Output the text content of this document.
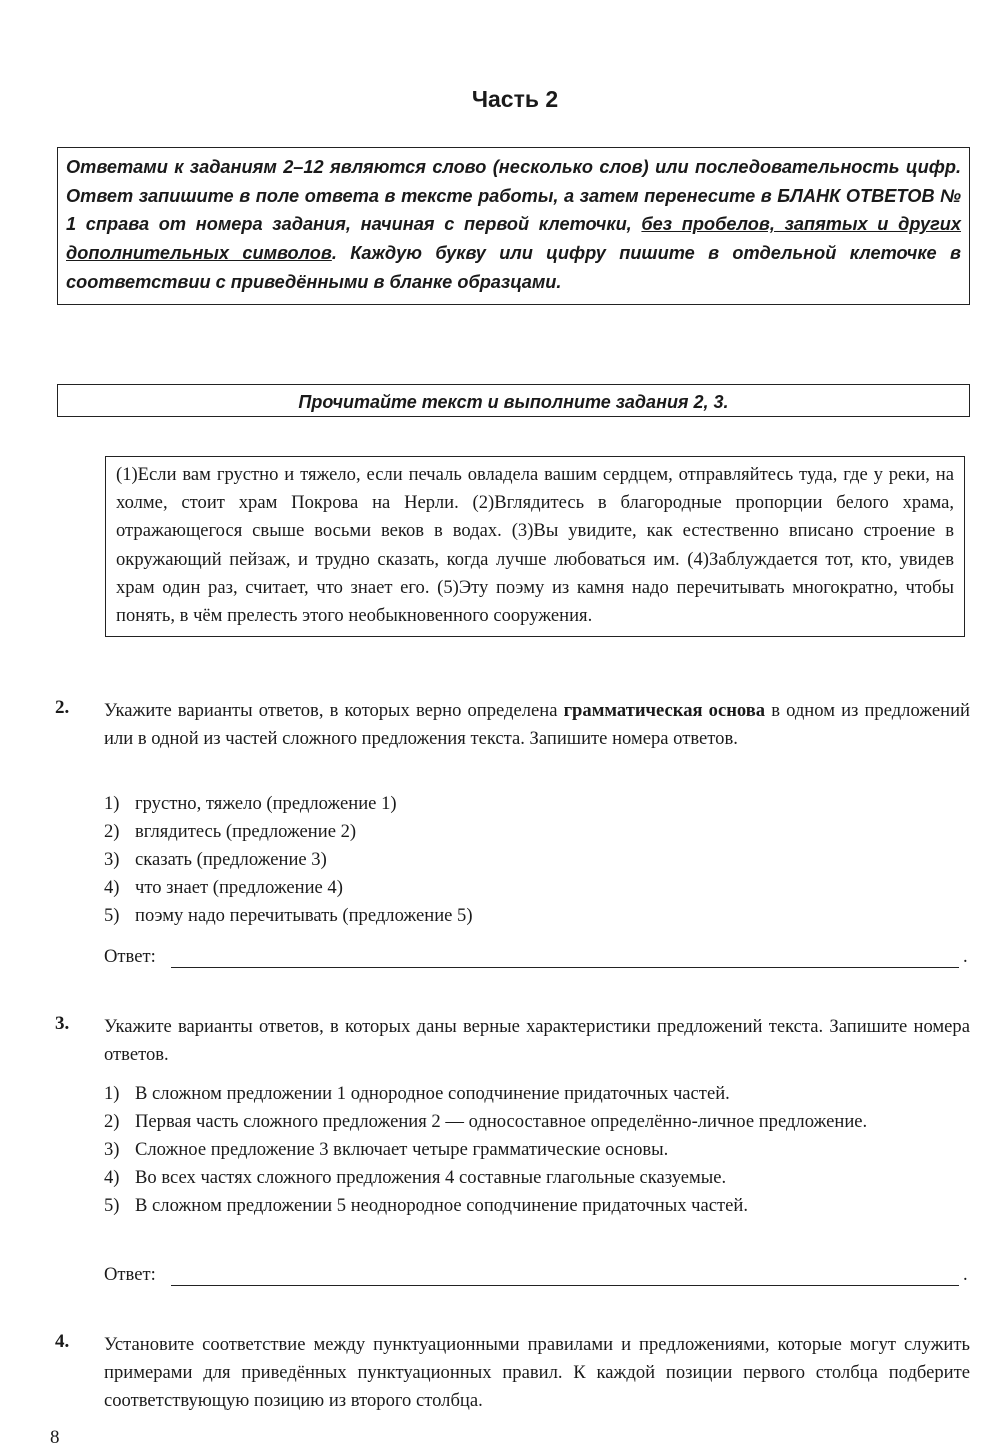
Часть 2
Ответами к заданиям 2–12 являются слово (несколько слов) или последовательность цифр. Ответ запишите в поле ответа в тексте работы, а затем перенесите в БЛАНК ОТВЕТОВ № 1 справа от номера задания, начиная с первой клеточки, без пробелов, запятых и других дополнительных символов. Каждую букву или цифру пишите в отдельной клеточке в соответствии с приведёнными в бланке образцами.
Прочитайте текст и выполните задания 2, 3.
(1)Если вам грустно и тяжело, если печаль овладела вашим сердцем, отправляйтесь туда, где у реки, на холме, стоит храм Покрова на Нерли. (2)Вглядитесь в благородные пропорции белого храма, отражающегося свыше восьми веков в водах. (3)Вы увидите, как естественно вписано строение в окружающий пейзаж, и трудно сказать, когда лучше любоваться им. (4)Заблуждается тот, кто, увидев храм один раз, считает, что знает его. (5)Эту поэму из камня надо перечитывать многократно, чтобы понять, в чём прелесть этого необыкновенного сооружения.
2. Укажите варианты ответов, в которых верно определена грамматическая основа в одном из предложений или в одной из частей сложного предложения текста. Запишите номера ответов.
1) грустно, тяжело (предложение 1)
2) вглядитесь (предложение 2)
3) сказать (предложение 3)
4) что знает (предложение 4)
5) поэму надо перечитывать (предложение 5)
Ответ:	.
3. Укажите варианты ответов, в которых даны верные характеристики предложений текста. Запишите номера ответов.
1) В сложном предложении 1 однородное соподчинение придаточных частей.
2) Первая часть сложного предложения 2 — односоставное определённо-личное предложение.
3) Сложное предложение 3 включает четыре грамматические основы.
4) Во всех частях сложного предложения 4 составные глагольные сказуемые.
5) В сложном предложении 5 неоднородное соподчинение придаточных частей.
Ответ:	.
4. Установите соответствие между пунктуационными правилами и предложениями, которые могут служить примерами для приведённых пунктуационных правил. К каждой позиции первого столбца подберите соответствующую позицию из второго столбца.
8
